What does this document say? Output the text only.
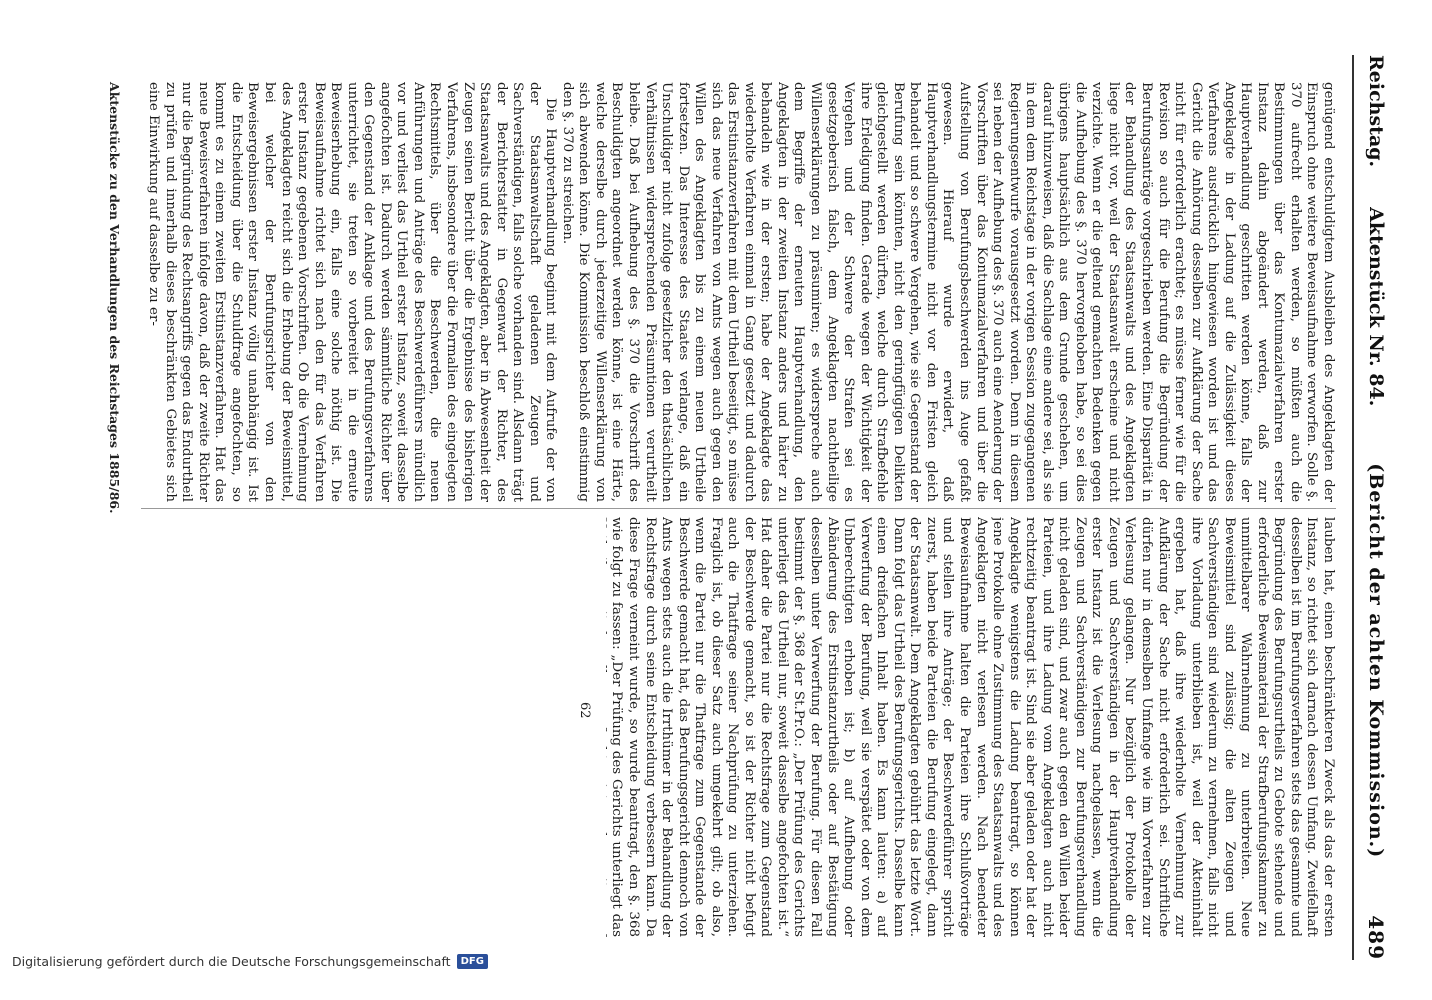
Reichstag.
Aktenstück Nr. 84.
(Bericht der achten Kommission.)
489

genügend entschuldigtem Ausbleiben des Angeklagten der Einspruch ohne weitere Beweisaufnahme verworfen. Solle §. 370 aufrecht erhalten werden, so müßten auch die Bestimmungen über das Kontumazialverfahren erster Instanz dahin abgeändert werden, daß zur Hauptverhandlung geschritten werden könne, falls der Angeklagte in der Ladung auf die Zulässigkeit dieses Verfahrens ausdrücklich hingewiesen worden ist und das Gericht die Anhörung desselben zur Aufklärung der Sache nicht für erforderlich erachtet; es müsse ferner wie für die Revision so auch für die Berufung die Begründung der Berufungsanträge vorgeschrieben werden. Eine Disparität in der Behandlung des Staatsanwalts und des Angeklagten liege nicht vor, weil der Staatsanwalt erscheine und nicht verzichte. Wenn er die geltend gemachten Bedenken gegen die Aufhebung des §. 370 hervorgehoben habe, so sei dies übrigens hauptsächlich aus dem Grunde geschehen, um darauf hinzuweisen, daß die Sachlage eine andere sei, als sie in dem dem Reichstage in der vorigen Session zugegangenen Regierungsentwurfe vorausgesetzt worden. Denn in diesem sei neben der Aufhebung des §. 370 auch eine Aenderung der Vorschriften über das Kontumazialverfahren und über die Aufstellung von Berufungsbeschwerden ins Auge gefaßt gewesen. Hierauf wurde erwidert, daß Hauptverhandlungstermine nicht vor den Fristen gleich behandelt und so schwere Vergehen, wie sie Gegenstand der Berufung sein könnten, nicht den geringfügigen Delikten gleichgestellt werden dürften, welche durch Strafbefehle ihre Erledigung finden. Gerade wegen der Wichtigkeit der Vergehen und der Schwere der Strafen sei es gesetzgeberisch falsch, dem Angeklagten nachtheilige Willenserklärungen zu präsumiren; es widerspreche auch dem Begriffe der erneuten Hauptverhandlung, den Angeklagten in der zweiten Instanz anders und härter zu behandeln wie in der ersten; habe der Angeklagte das wiederholte Verfahren einmal in Gang gesetzt und dadurch das Erstinstanzverfahren mit dem Urtheil beseitigt, so müsse sich das neue Verfahren von Amts wegen auch gegen den Willen des Angeklagten bis zu einem neuen Urtheile fortsetzen. Das Interesse des Staates verlange, daß ein Unschuldiger nicht zufolge gesetzlicher den thatsächlichen Verhältnissen widersprechenden Präsumtionen verurtheilt bleibe. Daß bei Aufhebung des §. 370 die Vorschrift des Beschuldigten angeordnet werden könne, ist eine Härte, welche derselbe durch jederzeitige Willenserklärung von sich abwenden könne. Die Kommission beschloß einstimmig den §. 370 zu streichen.

Die Hauptverhandlung beginnt mit dem Aufrufe der von der Staatsanwaltschaft geladenen Zeugen und Sachverständigen, falls solche vorhanden sind. Alsdann trägt der Berichterstatter in Gegenwart der Richter, des Staatsanwalts und des Angeklagten, aber in Abwesenheit der Zeugen seinen Bericht über die Ergebnisse des bisherigen Verfahrens, insbesondere über die Formalien des eingelegten Rechtsmittels, über die Beschwerden, die neuen Anführungen und Anträge des Beschwerdeführers mündlich vor und verliest das Urtheil erster Instanz, soweit dasselbe angefochten ist. Dadurch werden sämmtliche Richter über den Gegenstand der Anklage und des Berufungsverfahrens unterrichtet, sie treten so vorbereitet in die erneute Beweiserhebung ein, falls eine solche nöthig ist. Die Beweisaufnahme richtet sich nach den für das Verfahren erster Instanz gegebenen Vorschriften. Ob die Vernehmung des Angeklagten reicht sich die Erhebung der Beweismittel, bei welcher der Berufungsrichter von den Beweisergebnissen erster Instanz völlig unabhängig ist. Ist die Entscheidung über die Schuldfrage angefochten, so kommt es zu einem zweiten Erstinstanzverfahren. Hat das neue Beweisverfahren infolge davon, daß der zweite Richter nur die Begründung des Rechtsangriffs gegen das Endurtheil zu prüfen und innerhalb dieses beschränkten Gebietes sich eine Einwirkung auf dasselbe zu er-

lauben hat, einen beschränkteren Zweck als das der ersten Instanz, so richtet sich darnach dessen Umfang. Zweifelhaft desselben ist im Berufungsverfahren stets das gesammte und Begründung des Berufungsurtheils zu Gebote stehende und erforderliche Beweismaterial der Strafberufungskammer zu unmittelbarer Wahrnehmung zu unterbreiten. Neue Beweismittel sind zulässig; die alten Zeugen und Sachverständigen sind wiederum zu vernehmen, falls nicht ihre Vorladung unterblieben ist, weil der Akteninhalt ergeben hat, daß ihre wiederholte Vernehmung zur Aufklärung der Sache nicht erforderlich sei. Schriftliche dürfen nur in demselben Umfange wie im Vorverfahren zur Verlesung gelangen. Nur bezüglich der Protokolle der Zeugen und Sachverständigen in der Hauptverhandlung erster Instanz ist die Verlesung nachgelassen, wenn die Zeugen und Sachverständigen zur Berufungsverhandlung nicht geladen sind, und zwar auch gegen den Willen beider Parteien, und ihre Ladung vom Angeklagten auch nicht rechtzeitig beantragt ist. Sind sie aber geladen oder hat der Angeklagte wenigstens die Ladung beantragt, so können jene Protokolle ohne Zustimmung des Staatsanwalts und des Angeklagten nicht verlesen werden. Nach beendeter Beweisaufnahme halten die Parteien ihre Schlußvorträge und stellen ihre Anträge; der Beschwerdeführer spricht zuerst, haben beide Parteien die Berufung eingelegt, dann der Staatsanwalt. Dem Angeklagten gebührt das letzte Wort. Dann folgt das Urtheil des Berufungsgerichts. Dasselbe kann einen dreifachen Inhalt haben. Es kann lauten: a) auf Verwerfung der Berufung, weil sie verspätet oder von dem Unberechtigten erhoben ist; b) auf Aufhebung oder Abänderung des Erstinstanzurtheils oder auf Bestätigung desselben unter Verwerfung der Berufung. Für diesen Fall bestimmt der §. 368 der St.Pr.O.: „Der Prüfung des Gerichts unterliegt das Urtheil nur, soweit dasselbe angefochten ist.“ Hat daher die Partei nur die Rechtsfrage zum Gegenstand der Beschwerde gemacht, so ist der Richter nicht befugt auch die Thatfrage seiner Nachprüfung zu unterziehen. Fraglich ist, ob dieser Satz auch umgekehrt gilt; ob also, wenn die Partei nur die Thatfrage zum Gegenstande der Beschwerde gemacht hat, das Berufungsgericht dennoch von Amts wegen stets auch die Irrthümer in der Behandlung der Rechtsfrage durch seine Entscheidung verbessern kann. Da diese Frage verneint wurde, so wurde beantragt, den §. 368 wie folgt zu fassen: „Der Prüfung des Gerichts unterliegt das

62
Aktenstücke zu den Verhandlungen des Reichstages 1885/86.
Digitalisierung gefördert durch die Deutsche Forschungsgemeinschaft	DFG
